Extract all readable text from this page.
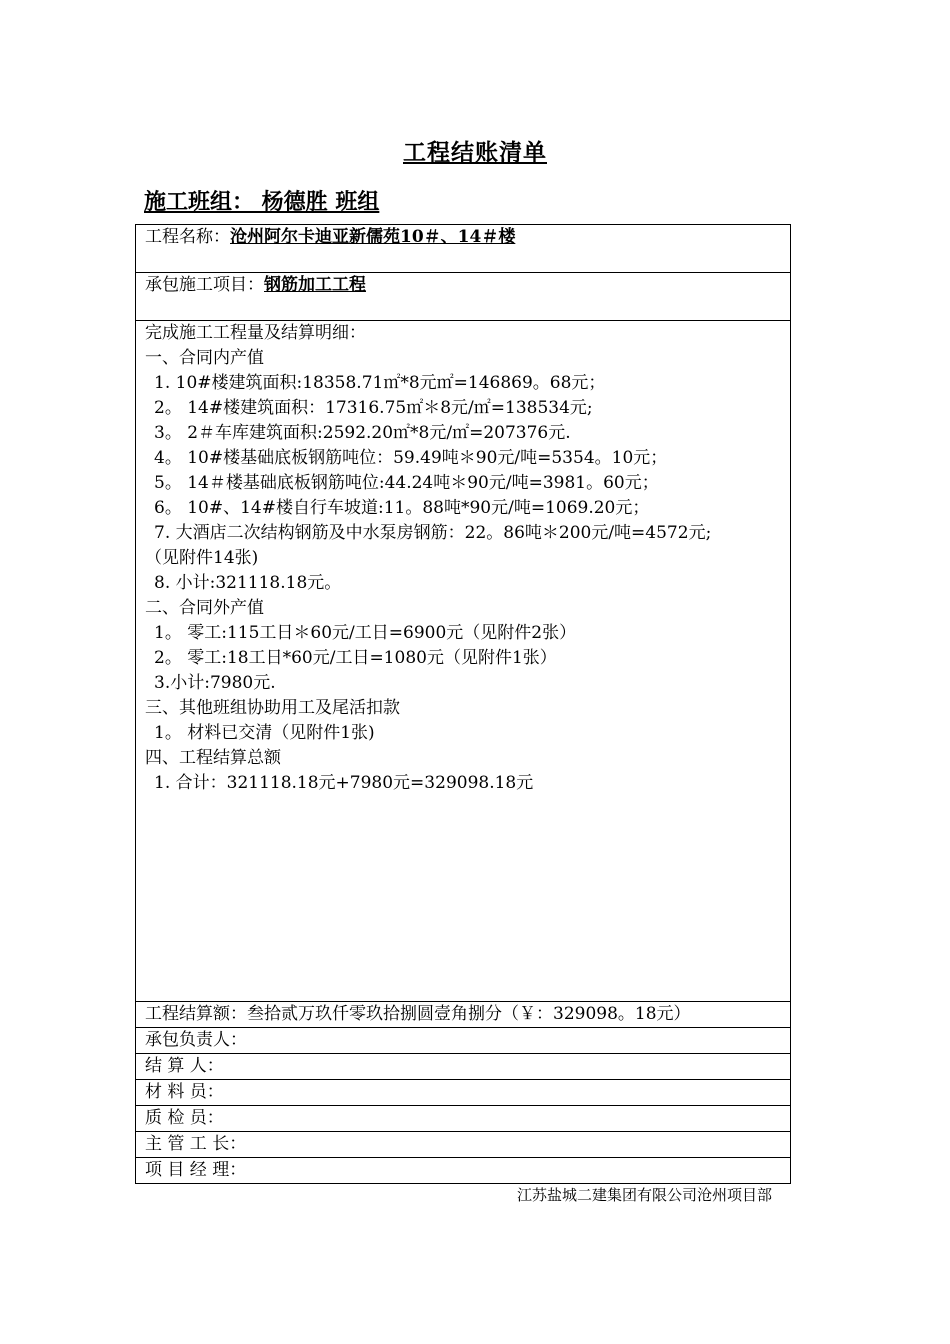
工程结账清单
施工班组： 杨德胜 班组
工程名称：沧州阿尔卡迪亚新儒苑10＃、14＃楼
承包施工项目：钢筋加工工程

完成施工工程量及结算明细：
一、合同内产值
1. 10#楼建筑面积:18358.71㎡*8元㎡=146869。68元；
2。 14#楼建筑面积：17316.75㎡＊8元/㎡=138534元;
3。 2＃车库建筑面积:2592.20㎡*8元/㎡=207376元.
4。 10#楼基础底板钢筋吨位：59.49吨＊90元/吨=5354。10元；
5。 14＃楼基础底板钢筋吨位:44.24吨＊90元/吨=3981。60元；
6。 10#、14#楼自行车坡道:11。88吨*90元/吨=1069.20元；
7. 大酒店二次结构钢筋及中水泵房钢筋：22。86吨＊200元/吨=4572元;
（见附件14张)
8. 小计:321118.18元。
二、合同外产值
1。 零工:115工日＊60元/工日=6900元（见附件2张）
2。 零工:18工日*60元/工日=1080元（见附件1张）
3.小计:7980元.
三、其他班组协助用工及尾活扣款
1。 材料已交清（见附件1张)
四、工程结算总额
1. 合计：321118.18元+7980元=329098.18元

工程结算额：叁拾贰万玖仟零玖拾捌圆壹角捌分（￥：329098。18元）
承包负责人：
结 算 人：
材 料 员：
质 检 员：
主 管 工 长：
项 目 经 理：
江苏盐城二建集团有限公司沧州项目部
